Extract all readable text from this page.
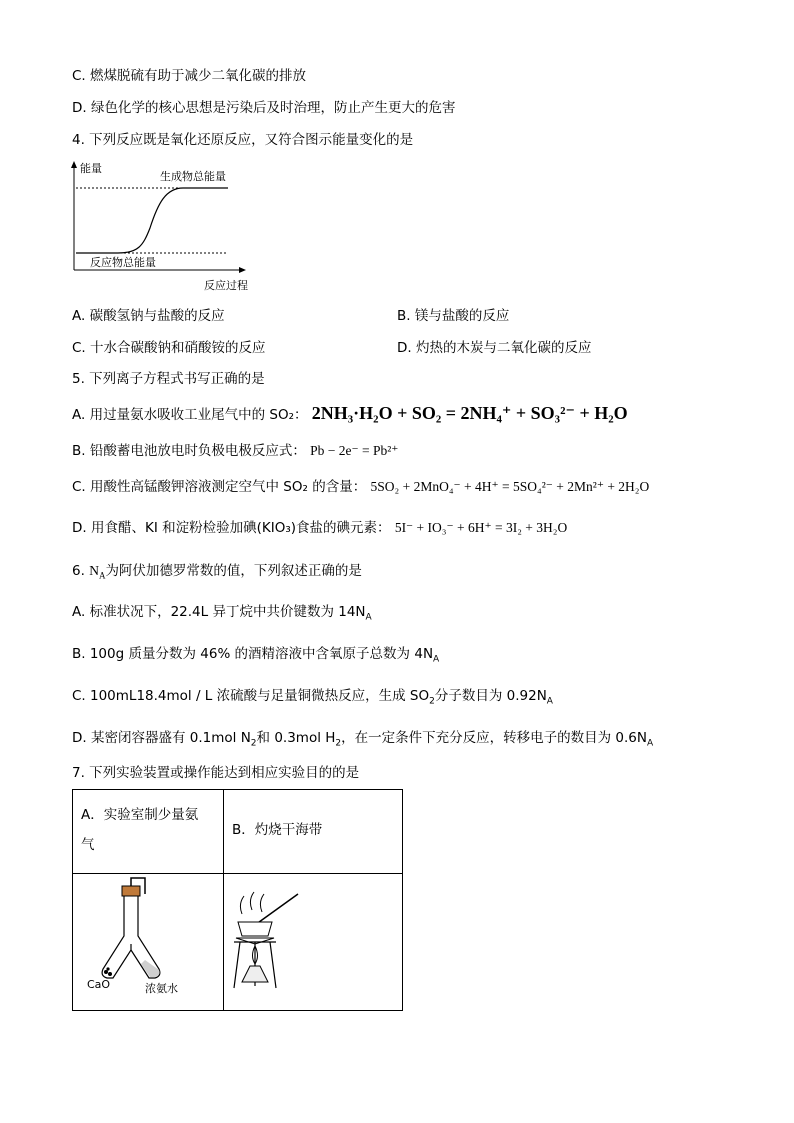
C. 燃煤脱硫有助于减少二氧化碳的排放
D. 绿色化学的核心思想是污染后及时治理，防止产生更大的危害
4. 下列反应既是氧化还原反应，又符合图示能量变化的是
能量
生成物总能量
反应物总能量
反应过程
A. 碳酸氢钠与盐酸的反应	B. 镁与盐酸的反应
C. 十水合碳酸钠和硝酸铵的反应	D. 灼热的木炭与二氧化碳的反应
5. 下列离子方程式书写正确的是
A. 用过量氨水吸收工业尾气中的 SO₂： 2NH₃·H₂O + SO₂ = 2NH₄⁺ + SO₃²⁻ + H₂O
B. 铅酸蓄电池放电时负极电极反应式： Pb − 2e⁻ = Pb²⁺
C. 用酸性高锰酸钾溶液测定空气中 SO₂ 的含量： 5SO₂ + 2MnO₄⁻ + 4H⁺ = 5SO₄²⁻ + 2Mn²⁺ + 2H₂O
D. 用食醋、KI 和淀粉检验加碘(KIO₃)食盐的碘元素： 5I⁻ + IO₃⁻ + 6H⁺ = 3I₂ + 3H₂O
6. $N_A$为阿伏加德罗常数的值，下列叙述正确的是
A. 标准状况下，22.4L 异丁烷中共价键数为 $14N_A$
B. 100g 质量分数为 46% 的酒精溶液中含氧原子总数为 $4N_A$
C. 100mL18.4mol / L 浓硫酸与足量铜微热反应，生成 $SO_2$分子数目为 $0.92N_A$
D. 某密闭容器盛有 0.1mol $N_2$和 0.3mol $H_2$，在一定条件下充分反应，转移电子的数目为 $0.6N_A$
7. 下列实验装置或操作能达到相应实验目的的是
A．实验室制少量氨
气	B．灼烧干海带

CaO 浓氨水
